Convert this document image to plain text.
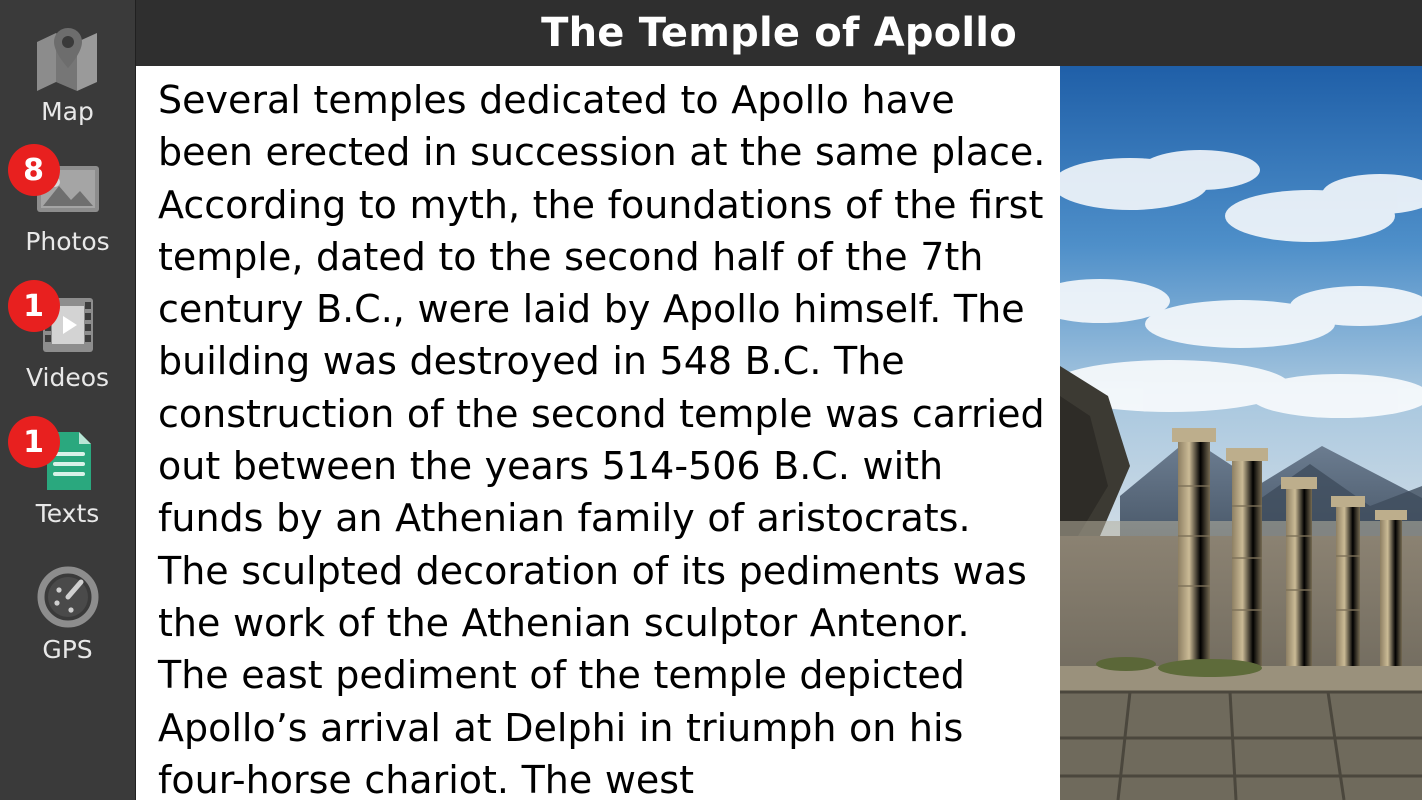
Map
8
Photos
1
Videos
1
Texts
GPS
The Temple of Apollo
Several temples dedicated to Apollo have been erected in succession at the same place. According to myth, the foundations of the first temple, dated to the second half of the 7th century B.C., were laid by Apollo himself. The building was destroyed in 548 B.C. The construction of the second temple was carried out between the years 514-506 B.C. with funds by an Athenian family of aristocrats. The sculpted decoration of its pediments was the work of the Athenian sculptor Antenor. The east pediment of the temple depicted Apollo’s arrival at Delphi in triumph on his four-horse chariot. The west
